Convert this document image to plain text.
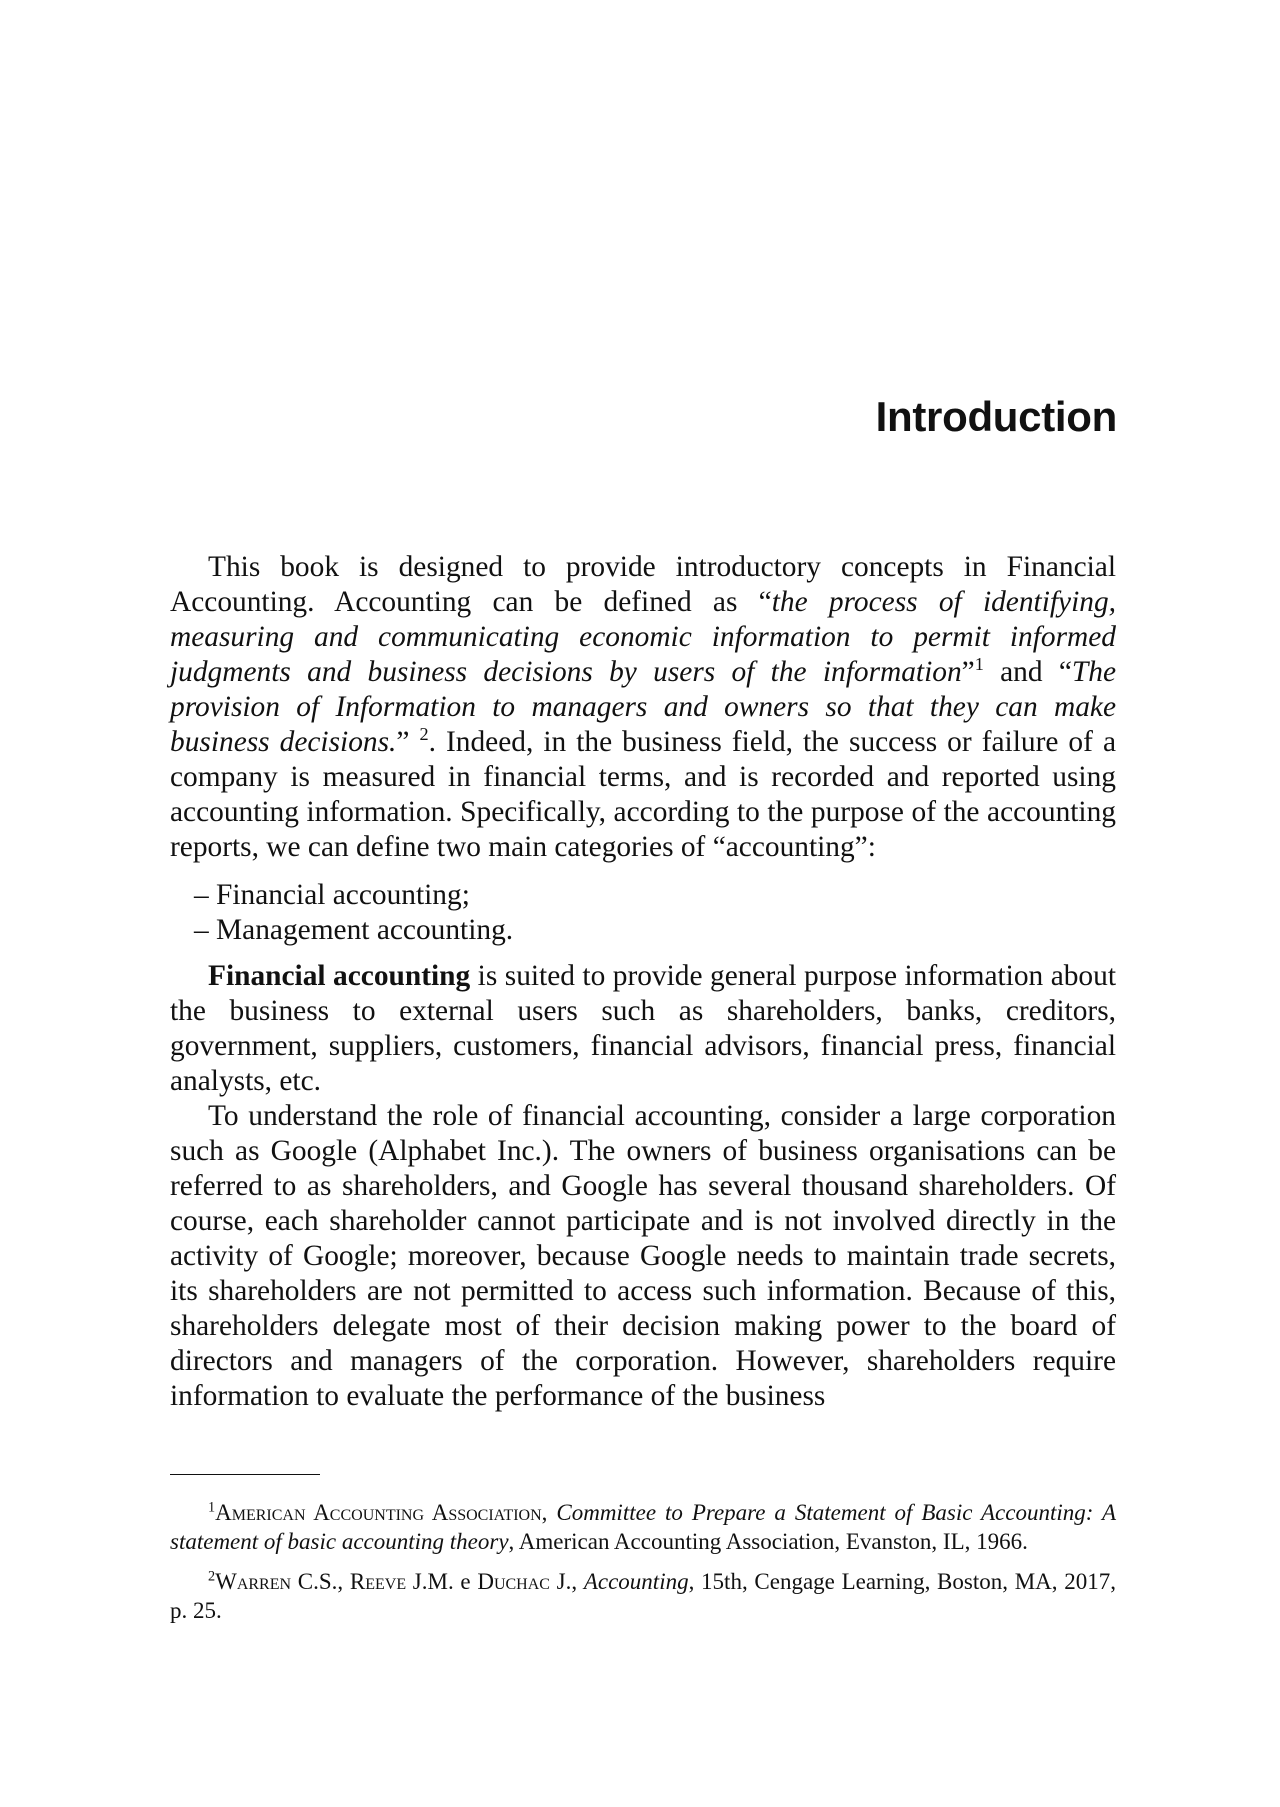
Introduction

This book is designed to provide introductory concepts in Financial Accounting. Accounting can be defined as “the process of identifying, measuring and communicating economic information to permit informed judgments and business decisions by users of the information”$^1$ and “The provision of Information to managers and owners so that they can make business decisions.” $^2$. Indeed, in the business field, the success or failure of a company is measured in financial terms, and is recorded and reported using accounting information. Specifically, according to the purpose of the accounting reports, we can define two main categories of “accounting”:

– Financial accounting;
– Management accounting.

Financial accounting is suited to provide general purpose information about the business to external users such as shareholders, banks, creditors, government, suppliers, customers, financial advisors, financial press, financial analysts, etc.

To understand the role of financial accounting, consider a large corporation such as Google (Alphabet Inc.). The owners of business organisations can be referred to as shareholders, and Google has several thousand shareholders. Of course, each shareholder cannot participate and is not involved directly in the activity of Google; moreover, because Google needs to maintain trade secrets, its shareholders are not permitted to access such information. Because of this, shareholders delegate most of their decision making power to the board of directors and managers of the corporation. However, shareholders require information to evaluate the performance of the business

$^1$American Accounting Association, Committee to Prepare a Statement of Basic Accounting: A statement of basic accounting theory, American Accounting Association, Evanston, IL, 1966.

$^2$Warren C.S., Reeve J.M. e Duchac J., Accounting, 15th, Cengage Learning, Boston, MA, 2017, p. 25.
